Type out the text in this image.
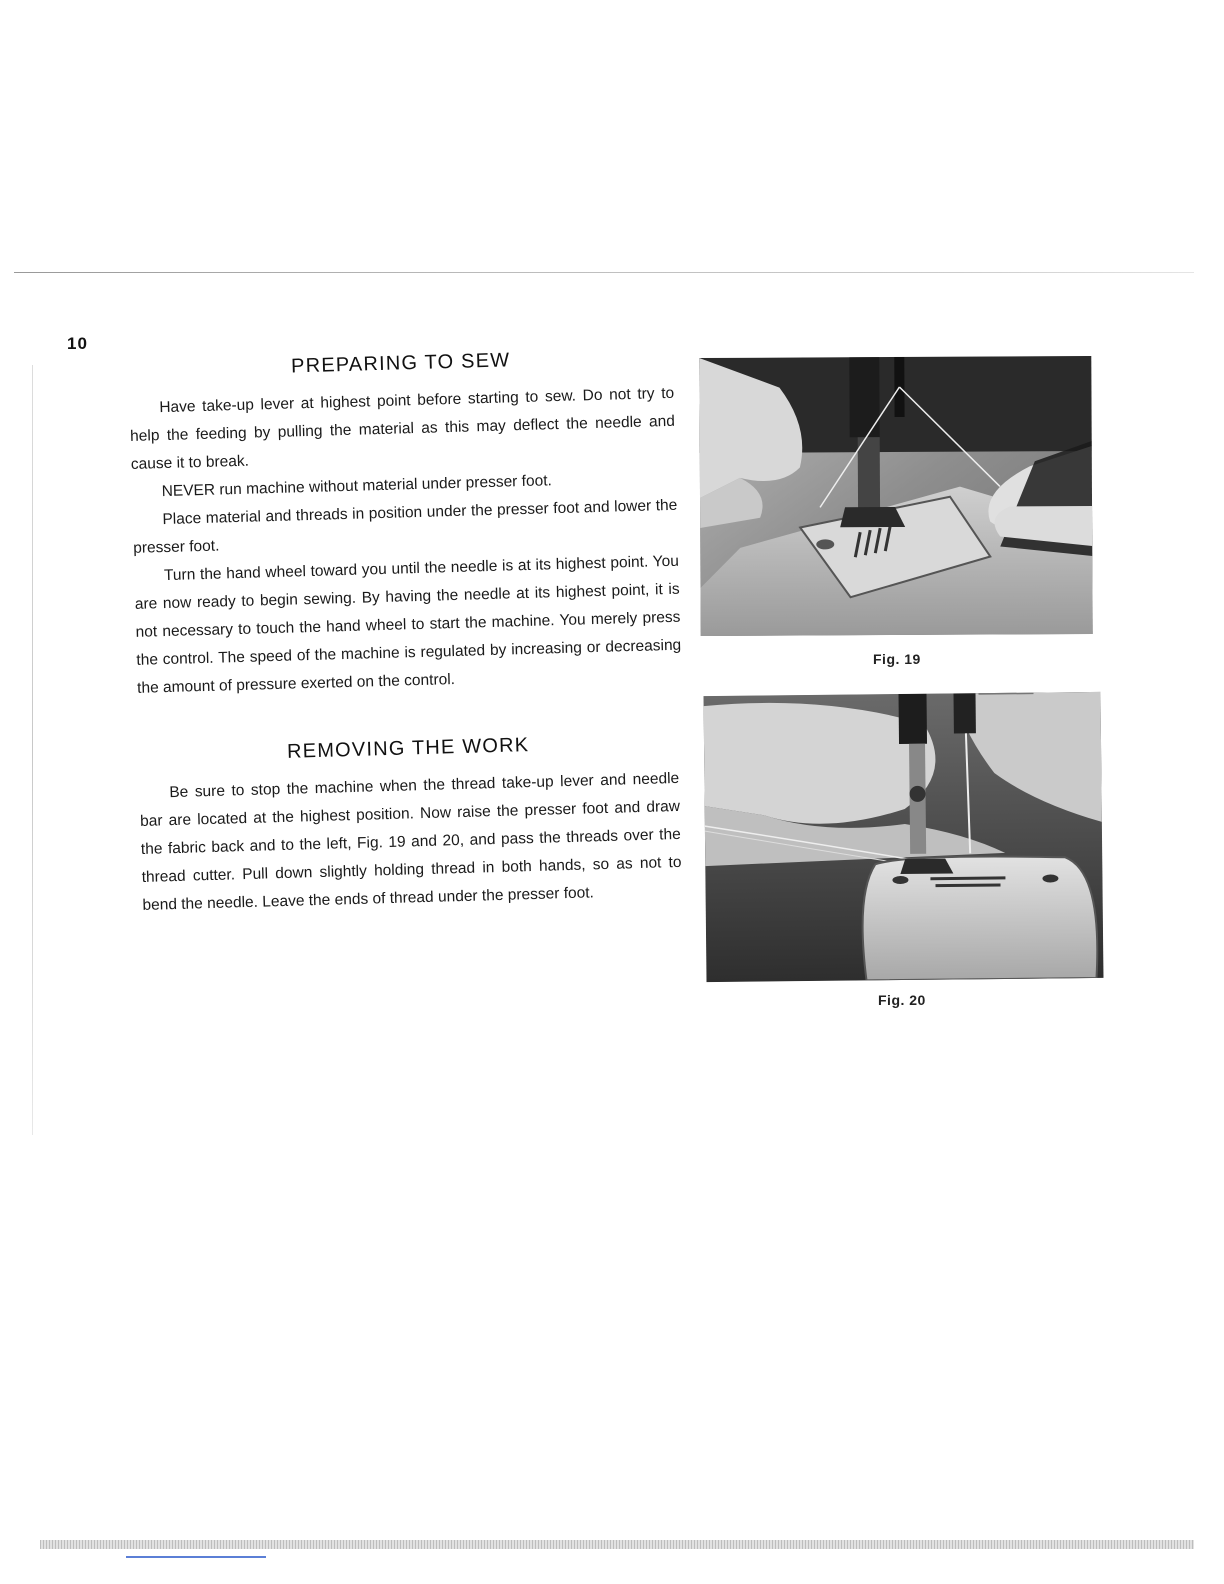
10
PREPARING TO SEW

Have take-up lever at highest point before starting to sew. Do not try to help the feeding by pulling the material as this may deflect the needle and cause it to break.

NEVER run machine without material under presser foot.

Place material and threads in position under the presser foot and lower the presser foot.

Turn the hand wheel toward you until the needle is at its highest point. You are now ready to begin sewing. By having the needle at its highest point, it is not necessary to touch the hand wheel to start the machine. You merely press the control. The speed of the machine is regulated by increasing or decreasing the amount of pressure exerted on the control.

REMOVING THE WORK

Be sure to stop the machine when the thread take-up lever and needle bar are located at the highest position. Now raise the presser foot and draw the fabric back and to the left, Fig. 19 and 20, and pass the threads over the thread cutter. Pull down slightly holding thread in both hands, so as not to bend the needle. Leave the ends of thread under the presser foot.

Fig. 19
Fig. 20
